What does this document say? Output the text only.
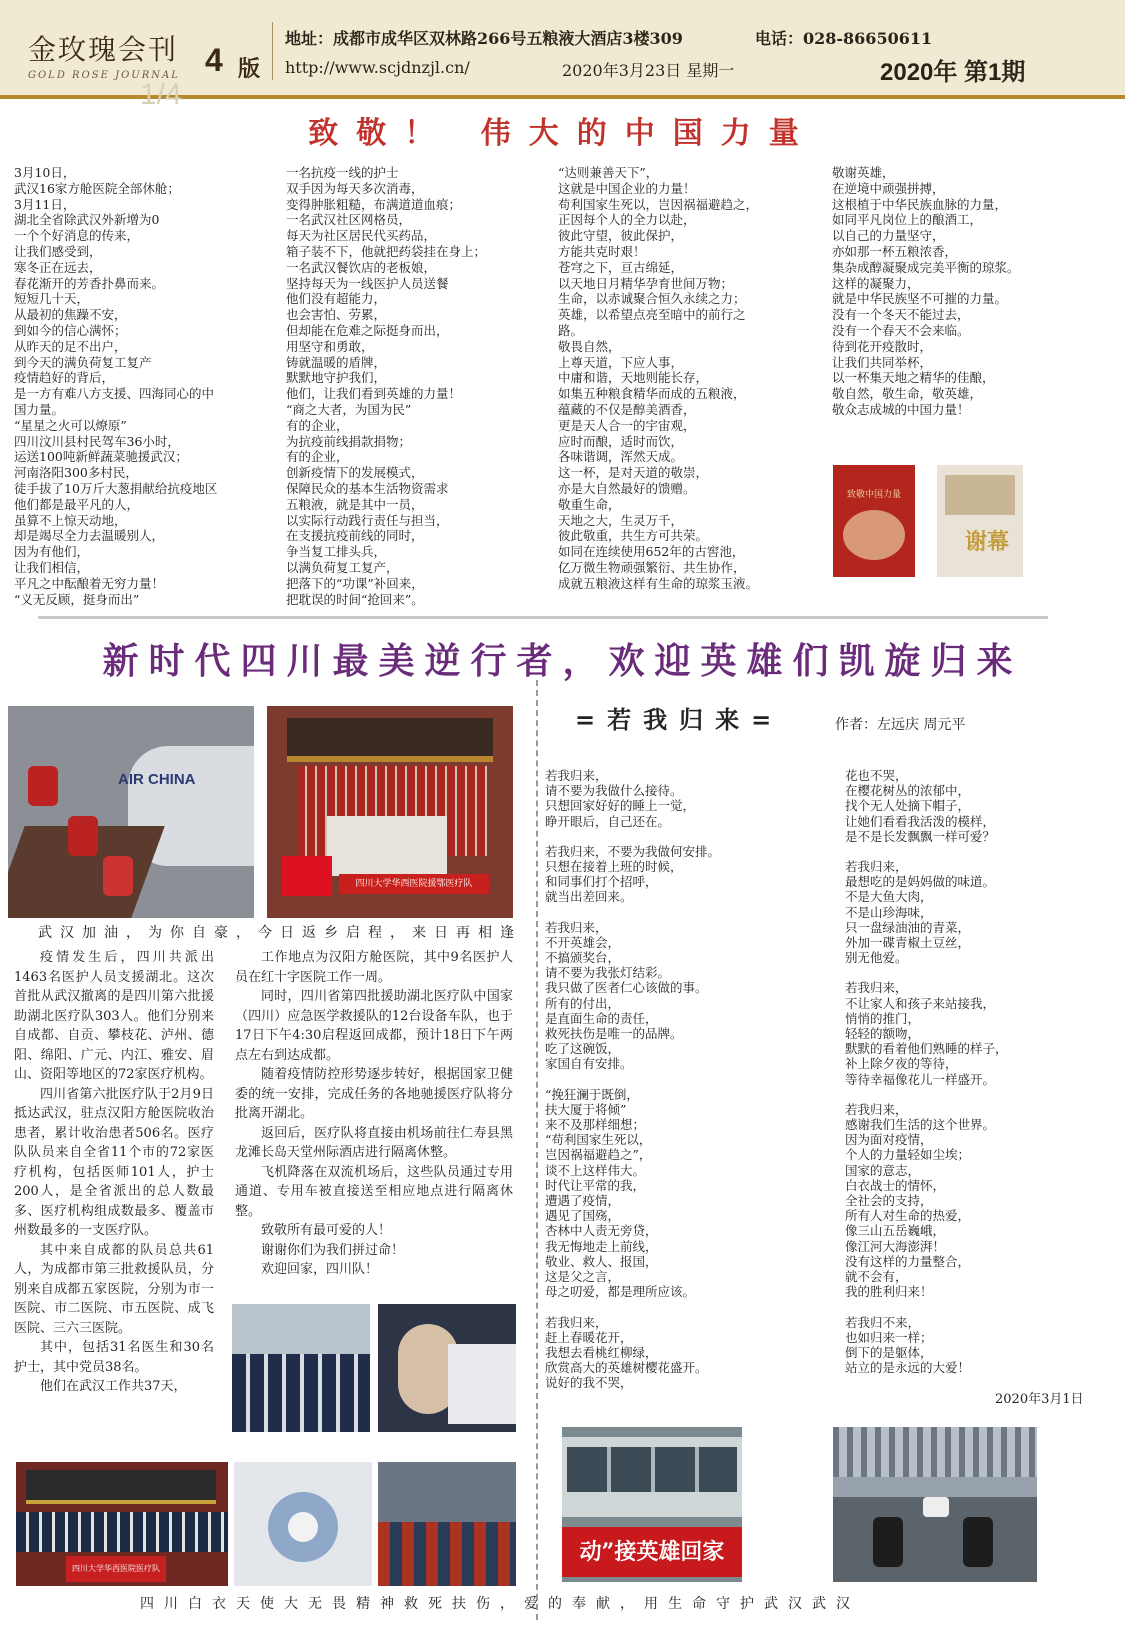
金玫瑰会刊
GOLD ROSE JOURNAL 4 版
地址：成都市成华区双林路266号五粮液大酒店3楼309	电话：028-86650611
http://www.scjdnzjl.cn/	2020年3月23日 星期一	2020年 第1期
1/4
致敬！ 伟大的中国力量
3月10日，
武汉16家方舱医院全部休舱；
3月11日，
湖北全省除武汉外新增为0
一个个好消息的传来，
让我们感受到，
寒冬正在远去，
春花渐开的芳香扑鼻而来。
短短几十天，
从最初的焦躁不安，
到如今的信心满怀；
从昨天的足不出户，
到今天的满负荷复工复产
疫情趋好的背后，
是一方有难八方支援、四海同心的中
国力量。
“星星之火可以燎原”
四川汶川县村民驾车36小时，
运送100吨新鲜蔬菜驰援武汉；
河南洛阳300多村民，
徒手拔了10万斤大葱捐献给抗疫地区
他们都是最平凡的人，
虽算不上惊天动地，
却是竭尽全力去温暖别人，
因为有他们，
让我们相信，
平凡之中酝酿着无穷力量！
“义无反顾，挺身而出”
一名抗疫一线的护士
双手因为每天多次消毒，
变得肿胀粗糙，布满道道血痕；
一名武汉社区网格员，
每天为社区居民代买药品，
箱子装不下，他就把药袋挂在身上；
一名武汉餐饮店的老板娘，
坚持每天为一线医护人员送餐
他们没有超能力，
也会害怕、劳累，
但却能在危难之际挺身而出，
用坚守和勇敢，
铸就温暖的盾牌，
默默地守护我们，
他们，让我们看到英雄的力量！
“商之大者，为国为民”
有的企业，
为抗疫前线捐款捐物；
有的企业，
创新疫情下的发展模式，
保障民众的基本生活物资需求
五粮液，就是其中一员，
以实际行动践行责任与担当，
在支援抗疫前线的同时，
争当复工排头兵，
以满负荷复工复产，
把落下的“功课”补回来，
把耽误的时间“抢回来”。
“达则兼善天下”，
这就是中国企业的力量！
苟利国家生死以，岂因祸福避趋之，
正因每个人的全力以赴，
彼此守望，彼此保护，
方能共克时艰！
苍穹之下，亘古绵延，
以天地日月精华孕育世间万物；
生命，以赤诚聚合恒久永续之力；
英雄，以希望点亮至暗中的前行之
路。
敬畏自然，
上尊天道，下应人事，
中庸和谐，天地则能长存，
如集五种粮食精华而成的五粮液，
蕴藏的不仅是醇美酒香，
更是天人合一的宇宙观，
应时而酿，适时而饮，
各味谐调，浑然天成。
这一杯，是对天道的敬崇，
亦是大自然最好的馈赠。
敬重生命，
天地之大，生灵万千，
彼此敬重，共生方可共荣。
如同在连续使用652年的古窖池，
亿万微生物顽强繁衍、共生协作，
成就五粮液这样有生命的琼浆玉液。
敬谢英雄，
在逆境中顽强拼搏，
这根植于中华民族血脉的力量，
如同平凡岗位上的酿酒工，
以自己的力量坚守，
亦如那一杯五粮浓香，
集杂成醇凝聚成完美平衡的琼浆。
这样的凝聚力，
就是中华民族坚不可摧的力量。
没有一个冬天不能过去，
没有一个春天不会来临。
待到花开疫散时，
让我们共同举杯，
以一杯集天地之精华的佳酿，
敬自然，敬生命，敬英雄，
敬众志成城的中国力量！
致敬中国力量
谢幕
新时代四川最美逆行者，欢迎英雄们凯旋归来
AIR CHINA
四川大学华西医院援鄂医疗队
武汉加油，为你自豪，今日返乡启程，来日再相逢

疫情发生后，四川共派出1463名医护人员支援湖北。这次首批从武汉撤离的是四川第六批援助湖北医疗队303人。他们分别来自成都、自贡、攀枝花、泸州、德阳、绵阳、广元、内江、雅安、眉山、资阳等地区的72家医疗机构。

四川省第六批医疗队于2月9日抵达武汉，驻点汉阳方舱医院收治患者，累计收治患者506名。医疗队队员来自全省11个市的72家医疗机构，包括医师101人，护士200人，是全省派出的总人数最多、医疗机构组成数最多、覆盖市州数最多的一支医疗队。

其中来自成都的队员总共61人，为成都市第三批救援队员，分别来自成都五家医院，分别为市一医院、市二医院、市五医院、成飞医院、三六三医院。

其中，包括31名医生和30名护士，其中党员38名。

他们在武汉工作共37天，

工作地点为汉阳方舱医院，其中9名医护人员在红十字医院工作一周。

同时，四川省第四批援助湖北医疗队中国家（四川）应急医学救援队的12台设备车队，也于17日下午4:30启程返回成都，预计18日下午两点左右到达成都。

随着疫情防控形势逐步转好，根据国家卫健委的统一安排，完成任务的各地驰援医疗队将分批离开湖北。

返回后，医疗队将直接由机场前往仁寿县黑龙滩长岛天堂州际酒店进行隔离休整。

飞机降落在双流机场后，这些队员通过专用通道、专用车被直接送至相应地点进行隔离休整。

致敬所有最可爱的人！

谢谢你们为我们拼过命！

欢迎回家，四川队！

四川大学华西医院医疗队
动”接英雄回家
四川白衣天使大无畏精神救死扶伤，爱的奉献，用生命守护武汉武汉
=若我归来=	作者：左远庆 周元平
若我归来，
请不要为我做什么接待。
只想回家好好的睡上一觉，
睁开眼后，自己还在。
若我归来，不要为我做何安排。
只想在接着上班的时候，
和同事们打个招呼，
就当出差回来。
若我归来，
不开英雄会，
不搞颁奖台，
请不要为我张灯结彩。
我只做了医者仁心该做的事。
所有的付出，
是直面生命的责任，
救死扶伤是唯一的品牌。
吃了这碗饭，
家国自有安排。
“挽狂澜于既倒，
扶大厦于将倾”
来不及那样细想；
“苟利国家生死以，
岂因祸福避趋之”，
谈不上这样伟大。
时代让平常的我，
遭遇了疫情，
遇见了国殇，
杏林中人责无旁贷，
我无悔地走上前线，
敬业、救人、报国，
这是父之言，
母之叨爱，都是理所应该。
若我归来，
赶上春暖花开，
我想去看桃红柳绿，
欣赏高大的英雄树樱花盛开。
说好的我不哭，
花也不哭，
在樱花树丛的浓郁中，
找个无人处摘下帽子，
让她们看看我活泼的模样，
是不是长发飘飘一样可爱？
若我归来，
最想吃的是妈妈做的味道。
不是大鱼大肉，
不是山珍海味，
只一盘绿油油的青菜，
外加一碟青椒土豆丝，
别无他爱。
若我归来，
不让家人和孩子来站接我，
悄悄的推门，
轻轻的额吻，
默默的看着他们熟睡的样子，
补上除夕夜的等待，
等待幸福像花儿一样盛开。
若我归来，
感谢我们生活的这个世界。
因为面对疫情，
个人的力量轻如尘埃；
国家的意志，
白衣战士的情怀，
全社会的支持，
所有人对生命的热爱，
像三山五岳巍峨，
像江河大海澎湃！
没有这样的力量整合，
就不会有，
我的胜利归来！
若我归不来，
也如归来一样；
倒下的是躯体，
站立的是永远的大爱！
2020年3月1日
